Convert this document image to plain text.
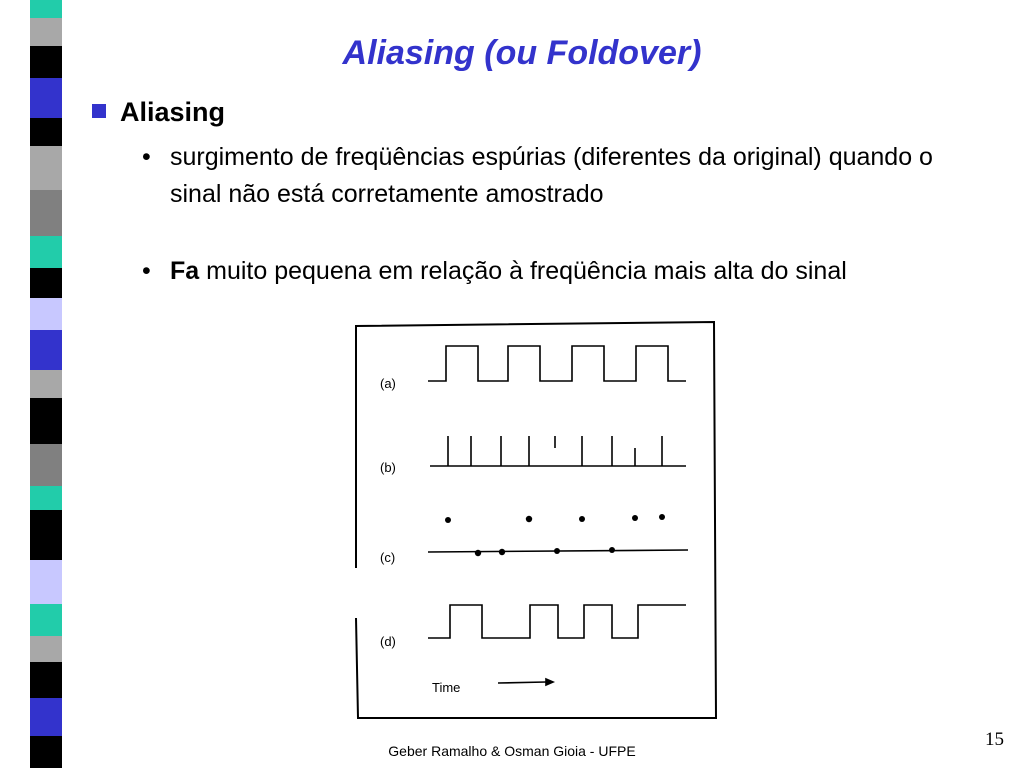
Aliasing (ou Foldover)
Aliasing
• surgimento de freqüências espúrias (diferentes da original) quando o sinal não está corretamente amostrado
• Fa muito pequena em relação à freqüência mais alta do sinal
(a)
(b)
(c)
(d)
Time
Geber Ramalho & Osman Gioia - UFPE
15
